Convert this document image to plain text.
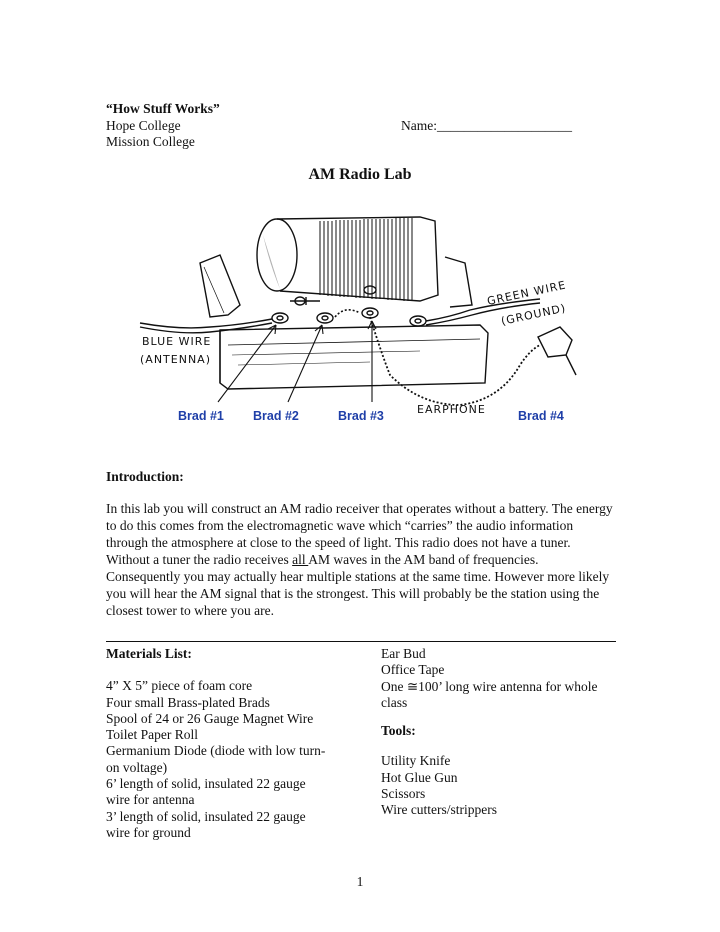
“How Stuff Works”
Hope College
Mission College
Name:____________________
AM Radio Lab
BLUE WIRE
(ANTENNA)
GREEN WIRE
(GROUND)
EARPHONE
Brad #1 Brad #2	Brad #3	Brad #4
Introduction:
In this lab you will construct an AM radio receiver that operates without a battery. The energy to do this comes from the electromagnetic wave which “carries” the audio information through the atmosphere at close to the speed of light. This radio does not have a tuner. Without a tuner the radio receives all AM waves in the AM band of frequencies. Consequently you may actually hear multiple stations at the same time. However more likely you will hear the AM signal that is the strongest. This will probably be the station using the closest tower to where you are.
Materials List:
4” X 5” piece of foam core
Four small Brass-plated Brads
Spool of 24 or 26 Gauge Magnet Wire
Toilet Paper Roll
Germanium Diode (diode with low turn-
on voltage)
6’ length of solid, insulated 22 gauge
wire for antenna
3’ length of solid, insulated 22 gauge
wire for ground
Ear Bud
Office Tape
One ≅100’ long wire antenna for whole
class
Tools:
Utility Knife
Hot Glue Gun
Scissors
Wire cutters/strippers
1
